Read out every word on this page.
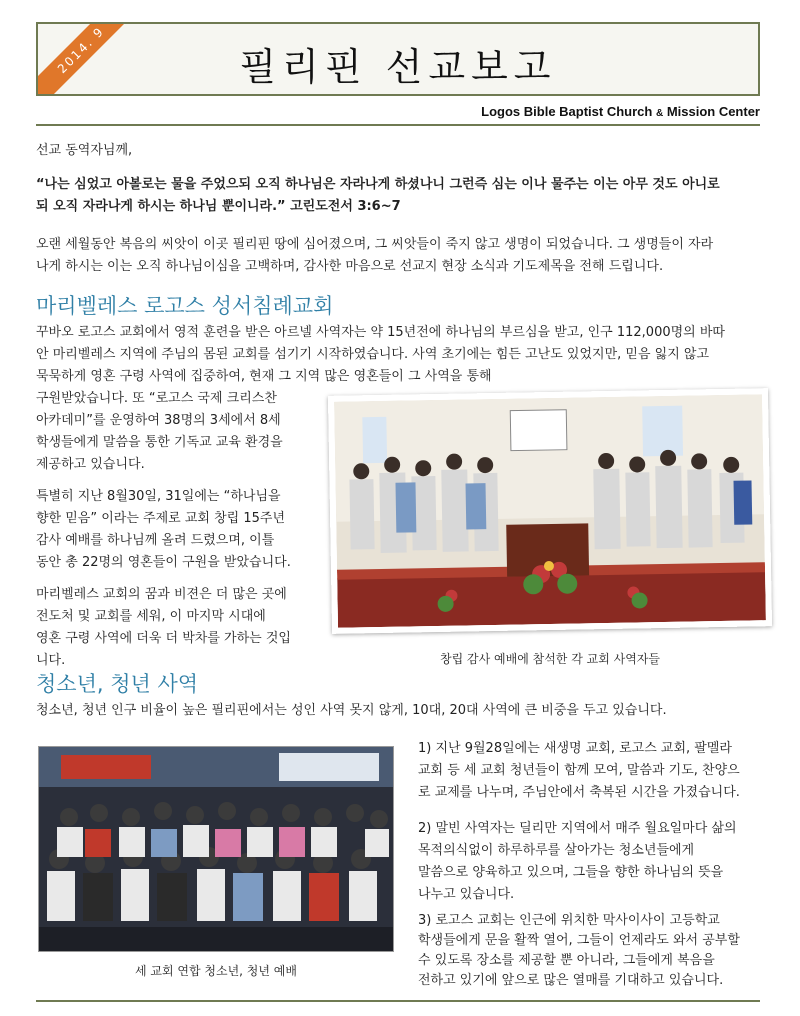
2014. 9	필리핀 선교보고
Logos Bible Baptist Church & Mission Center

선교 동역자님께,

“나는 심었고 아볼로는 물을 주었으되 오직 하나님은 자라나게 하셨나니 그런즉 심는 이나 물주는 이는 아무 것도 아니로

되 오직 자라나게 하시는 하나님 뿐이니라.” 고린도전서 3:6~7

오랜 세월동안 복음의 씨앗이 이곳 필리핀 땅에 심어졌으며, 그 씨앗들이 죽지 않고 생명이 되었습니다. 그 생명들이 자라

나게 하시는 이는 오직 하나님이심을 고백하며, 감사한 마음으로 선교지 현장 소식과 기도제목을 전해 드립니다.

마리벨레스 로고스 성서침례교회

꾸바오 로고스 교회에서 영적 훈련을 받은 아르넬 사역자는 약 15년전에 하나님의 부르심을 받고, 인구 112,000명의 바따

안 마리벨레스 지역에 주님의 몸된 교회를 섬기기 시작하였습니다. 사역 초기에는 힘든 고난도 있었지만, 믿음 잃지 않고

묵묵하게 영혼 구령 사역에 집중하여, 현재 그 지역 많은 영혼들이 그 사역을 통해

구원받았습니다. 또 “로고스 국제 크리스찬

아카데미”를 운영하여 38명의 3세에서 8세

학생들에게 말씀을 통한 기독교 교육 환경을

제공하고 있습니다.

특별히 지난 8월30일, 31일에는 “하나님을

향한 믿음” 이라는 주제로 교회 창립 15주년

감사 예배를 하나님께 올려 드렸으며, 이틀

동안 총 22명의 영혼들이 구원을 받았습니다.

마리벨레스 교회의 꿈과 비젼은 더 많은 곳에

전도처 및 교회를 세워, 이 마지막 시대에

영혼 구령 사역에 더욱 더 박차를 가하는 것입

니다.	창립 감사 예배에 참석한 각 교회 사역자들
청소년, 청년 사역

청소년, 청년 인구 비율이 높은 필리핀에서는 성인 사역 못지 않게, 10대, 20대 사역에 큰 비중을 두고 있습니다.

세 교회 연합 청소년, 청년 예배

1) 지난 9월28일에는 새생명 교회, 로고스 교회, 팔멜라

교회 등 세 교회 청년들이 함께 모여, 말씀과 기도, 찬양으

로 교제를 나누며, 주님안에서 축복된 시간을 가졌습니다.

2) 말빈 사역자는 딜리만 지역에서 매주 월요일마다 삶의

목적의식없이 하루하루를 살아가는 청소년들에게

말씀으로 양육하고 있으며, 그들을 향한 하나님의 뜻을

나누고 있습니다.

3) 로고스 교회는 인근에 위치한 막사이사이 고등학교

학생들에게 문을 활짝 열어, 그들이 언제라도 와서 공부할

수 있도록 장소를 제공할 뿐 아니라, 그들에게 복음을

전하고 있기에 앞으로 많은 열매를 기대하고 있습니다.
